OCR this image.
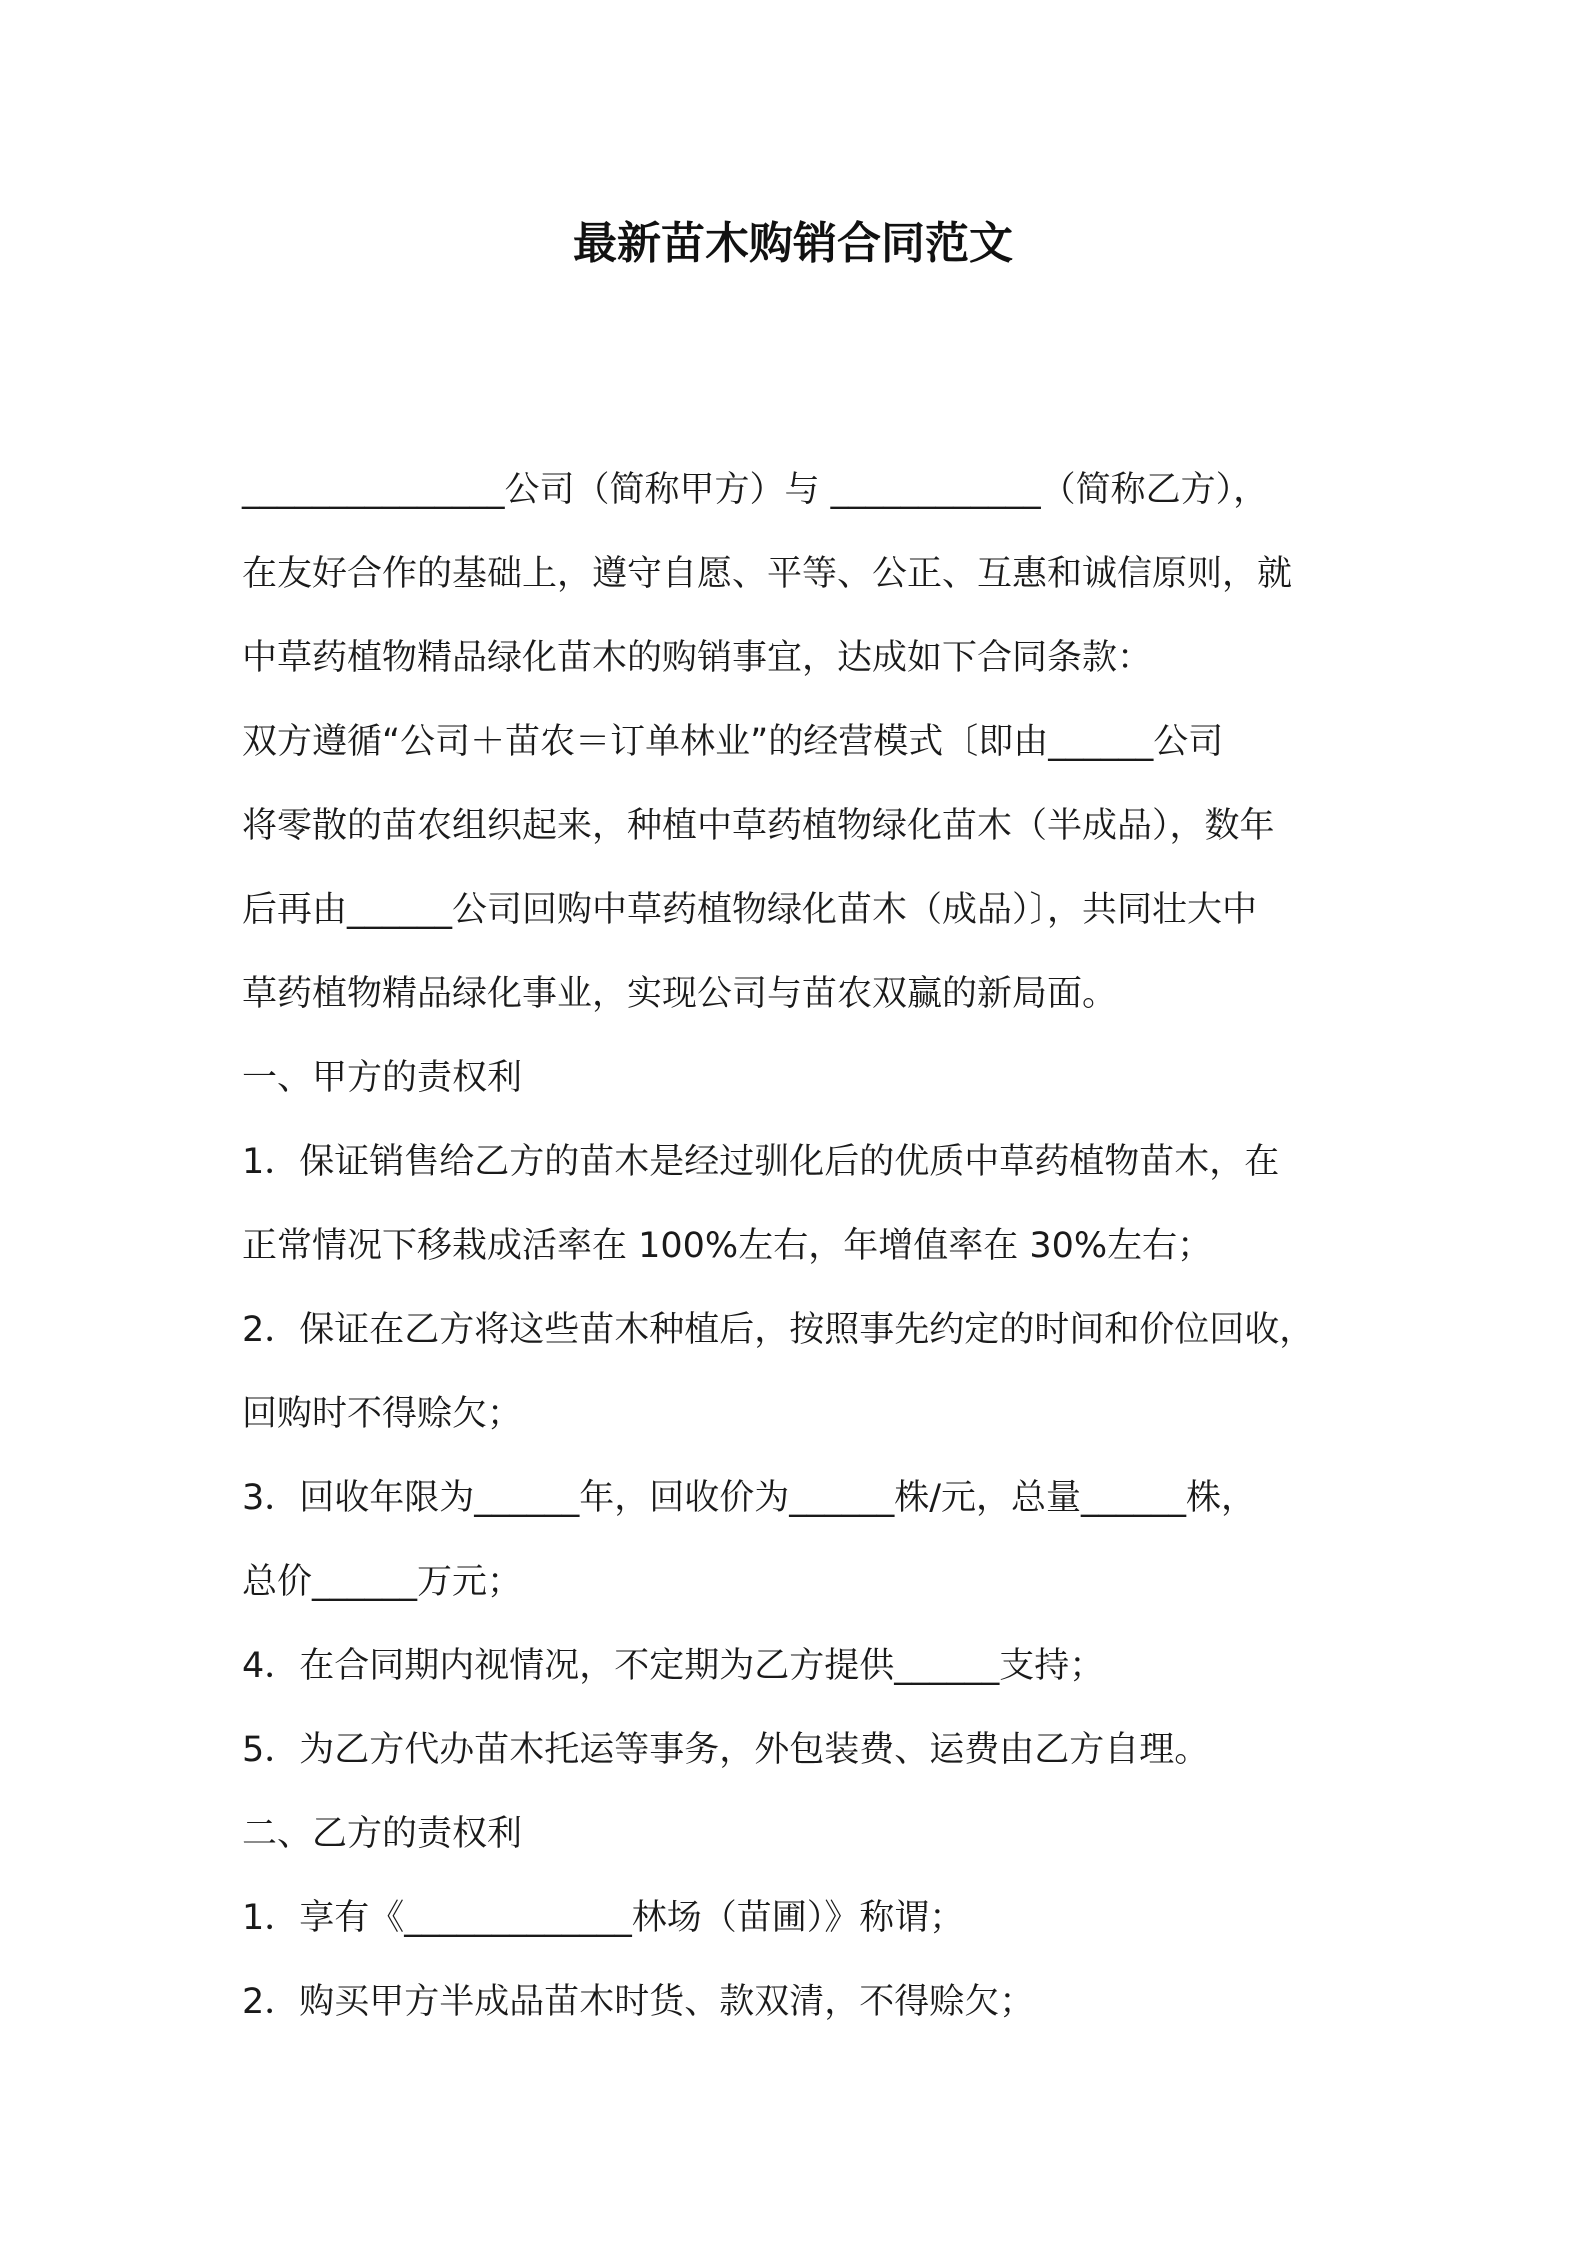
最新苗木购销合同范文
_______________公司（简称甲方）与 ____________（简称乙方），
在友好合作的基础上，遵守自愿、平等、公正、互惠和诚信原则，就
中草药植物精品绿化苗木的购销事宜，达成如下合同条款：
双方遵循“公司＋苗农＝订单林业”的经营模式〔即由______公司
将零散的苗农组织起来，种植中草药植物绿化苗木（半成品），数年
后再由______公司回购中草药植物绿化苗木（成品）〕，共同壮大中
草药植物精品绿化事业，实现公司与苗农双赢的新局面。
一、甲方的责权利
1．保证销售给乙方的苗木是经过驯化后的优质中草药植物苗木，在
正常情况下移栽成活率在 100%左右，年增值率在 30%左右；
2．保证在乙方将这些苗木种植后，按照事先约定的时间和价位回收，
回购时不得赊欠；
3．回收年限为______年，回收价为______株/元，总量______株，
总价______万元；
4．在合同期内视情况，不定期为乙方提供______支持；
5．为乙方代办苗木托运等事务，外包装费、运费由乙方自理。
二、乙方的责权利
1．享有《_____________林场（苗圃）》称谓；
2．购买甲方半成品苗木时货、款双清，不得赊欠；
